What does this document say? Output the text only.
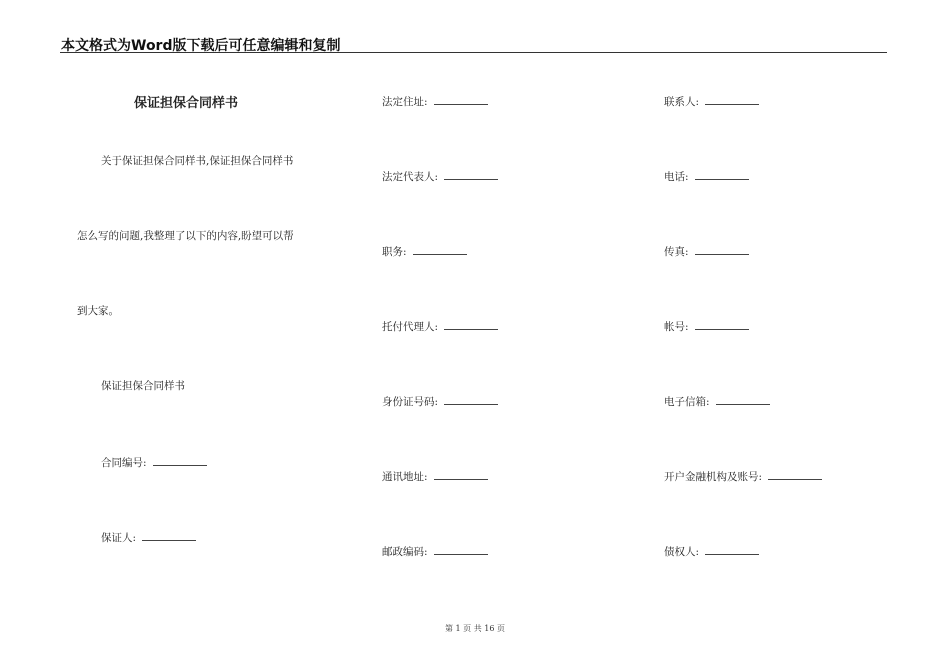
本文格式为Word版下载后可任意编辑和复制
保证担保合同样书
关于保证担保合同样书,保证担保合同样书
怎么写的问题,我整理了以下的内容,盼望可以帮
到大家。
保证担保合同样书
合同编号:
保证人:
法定住址:
法定代表人:
职务:
托付代理人:
身份证号码:
通讯地址:
邮政编码:
联系人:
电话:
传真:
帐号:
电子信箱:
开户金融机构及账号:
债权人:
第 1 页 共 16 页
